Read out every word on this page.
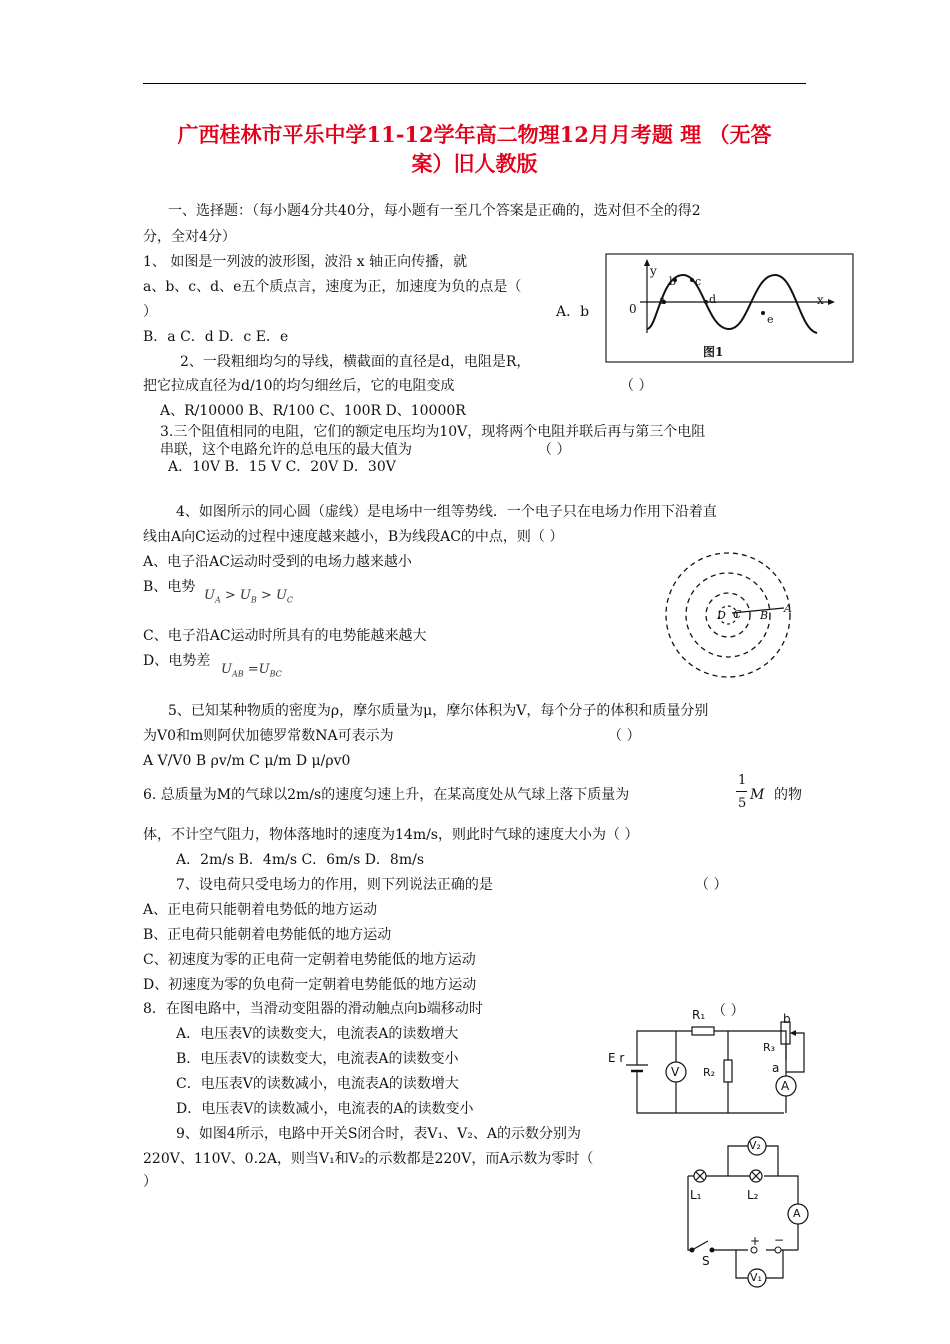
广西桂林市平乐中学11-12学年高二物理12月月考题 理 （无答
案）旧人教版
一、选择题：（每小题4分共40分，每小题有一至几个答案是正确的，选对但不全的得2
分，全对4分）
1、 如图是一列波的波形图，波沿 x 轴正向传播，就
a、b、c、d、e五个质点言，速度为正，加速度为负的点是（
）	A．b
B．a C．d D．c E．e
y
x
0
a
b c
d
e
图1
2、一段粗细均匀的导线，横截面的直径是d，电阻是R，
把它拉成直径为d/10的均匀细丝后，它的电阻变成	（ ）
A、R/10000 B、R/100 C、100R D、10000R
3.三个阻值相同的电阻，它们的额定电压均为10V，现将两个电阻并联后再与第三个电阻
串联，这个电路允许的总电压的最大值为	（ ）
A．10V B．15 V C．20V D．30V
4、如图所示的同心圆（虚线）是电场中一组等势线．一个电子只在电场力作用下沿着直
线由A向C运动的过程中速度越来越小，B为线段AC的中点，则（ ）
A、电子沿AC运动时受到的电场力越来越小
B、电势
$U_A > U_B > U_C$
C、电子沿AC运动时所具有的电势能越来越大
D、电势差
$U_{AB} =U_{BC}$
D C B
A
5、已知某种物质的密度为ρ，摩尔质量为μ，摩尔体积为V，每个分子的体积和质量分别
为V0和m则阿伏加德罗常数NA可表示为	（ ）
A V/V0 B ρv/m C μ/m D μ/ρv0
6. 总质量为M的气球以2m/s的速度匀速上升，在某高度处从气球上落下质量为
1
5
M 的物
体，不计空气阻力，物体落地时的速度为14m/s，则此时气球的速度大小为（ ）
A．2m/s B．4m/s C．6m/s D．8m/s
7、设电荷只受电场力的作用，则下列说法正确的是	（ ）
A、正电荷只能朝着电势低的地方运动
B、正电荷只能朝着电势能低的地方运动
C、初速度为零的正电荷一定朝着电势能低的地方运动
D、初速度为零的负电荷一定朝着电势能低的地方运动
8．在图电路中，当滑动变阻器的滑动触点向b端移动时
A．电压表V的读数变大，电流表A的读数增大
B．电压表V的读数变大，电流表A的读数变小
C．电压表V的读数减小，电流表A的读数增大
D．电压表V的读数减小，电流表的A的读数变小
R₁ （ ）	b
R₃
E r
V R₂	a
A
9、如图4所示，电路中开关S闭合时，表V₁、V₂、A的示数分别为
220V、110V、0.2A，则当V₁和V₂的示数都是220V，而A示数为零时（
）
V₂
L₁	L₂
A
+ −
S
V₁
